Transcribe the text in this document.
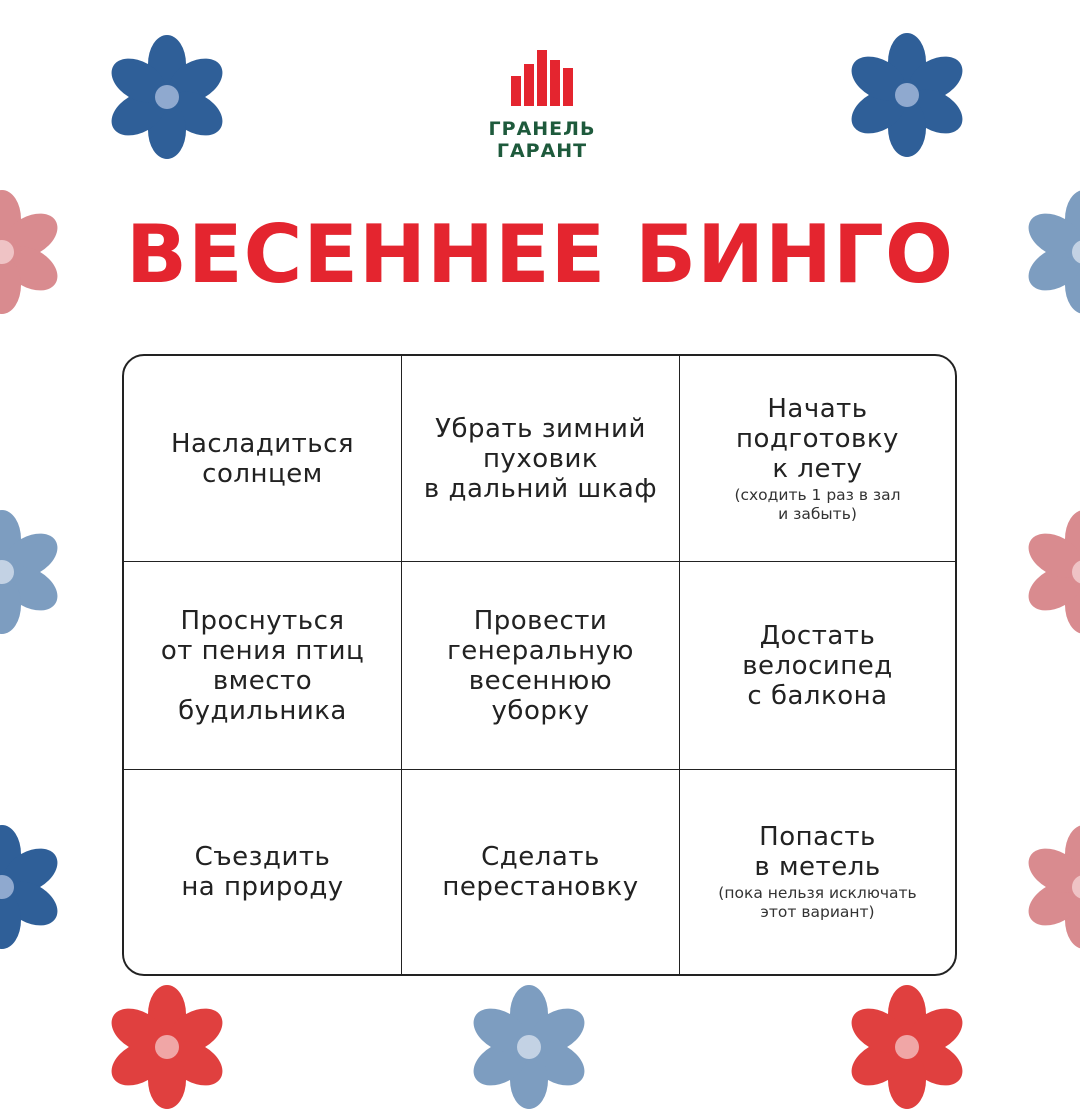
ГРАНЕЛЬ
ГАРАНТ
ВЕСЕННЕЕ БИНГО
Насладиться
солнцем
Убрать зимний
пуховик
в дальний шкаф
Начать
подготовку
к лету
(сходить 1 раз в зал
и забыть)
Проснуться
от пения птиц
вместо
будильника
Провести
генеральную
весеннюю
уборку
Достать
велосипед
с балкона
Съездить
на природу
Сделать
перестановку
Попасть
в метель
(пока нельзя исключать
этот вариант)
